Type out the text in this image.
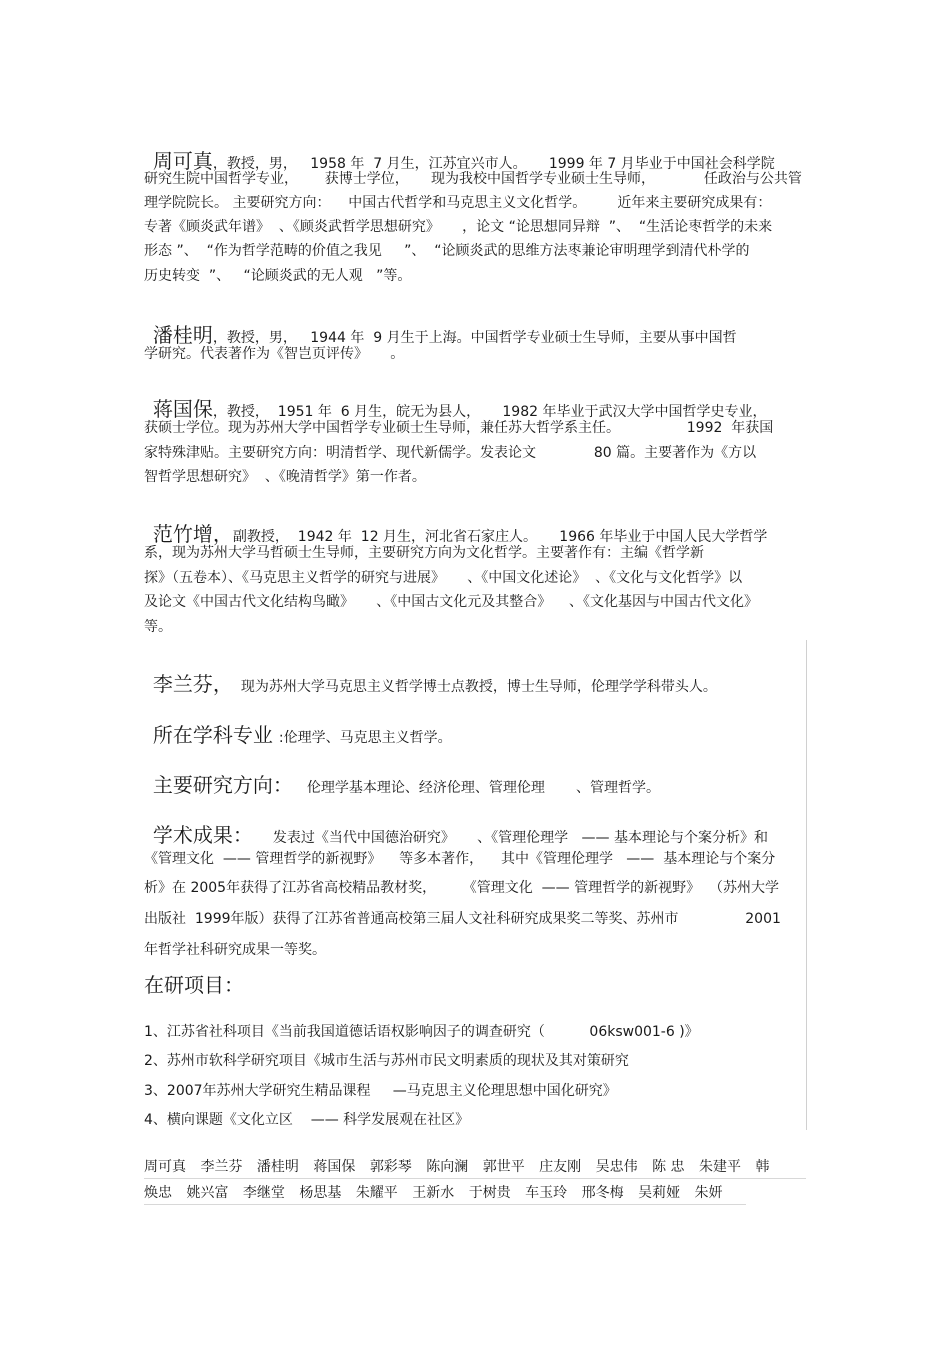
周可真，教授，男，   1958 年  7 月生，江苏宜兴市人。     1999 年 7 月毕业于中国社会科学院

研究生院中国哲学专业，      获博士学位，     现为我校中国哲学专业硕士生导师，           任政治与公共管
理学院院长。 主要研究方向：    中国古代哲学和马克思主义文化哲学。       近年来主要研究成果有：
专著《顾炎武年谱》  、《顾炎武哲学思想研究》     ，论文 “论思想同异辩  ”、  “生活论枣哲学的未来
形态 ”、  “作为哲学范畴的价值之我见     ”、  “论顾炎武的思维方法枣兼论审明理学到清代朴学的
历史转变  ”、   “论顾炎武的无人观   ”等。

潘桂明，教授，男，   1944 年  9 月生于上海。中国哲学专业硕士生导师，主要从事中国哲

学研究。代表著作为《智岂页评传》     。

蒋国保，教授，  1951 年  6 月生，皖无为县人，     1982 年毕业于武汉大学中国哲学史专业，

获硕士学位。现为苏州大学中国哲学专业硕士生导师，兼任苏大哲学系主任。               1992  年获国
家特殊津贴。主要研究方向：明清哲学、现代新儒学。发表论文             80 篇。主要著作为《方以
智哲学思想研究》  、《晚清哲学》第一作者。

范竹增，副教授，  1942 年  12 月生，河北省石家庄人。     1966 年毕业于中国人民大学哲学

系，现为苏州大学马哲硕士生导师，主要研究方向为文化哲学。主要著作有：主编《哲学新
探》（五卷本）、《马克思主义哲学的研究与进展》     、《中国文化述论》  、《文化与文化哲学》以
及论文《中国古代文化结构鸟瞰》     、《中国古文化元及其整合》    、《文化基因与中国古代文化》
等。

李兰芬， 现为苏州大学马克思主义哲学博士点教授，博士生导师，伦理学学科带头人。

所在学科专业 :伦理学、马克思主义哲学。

主要研究方向： 伦理学基本理论、经济伦理、管理伦理       、管理哲学。

学术成果： 发表过《当代中国德治研究》     、《管理伦理学   —— 基本理论与个案分析》和

《管理文化  —— 管理哲学的新视野》    等多本著作，    其中《管理伦理学   ——  基本理论与个案分
析》在 2005年获得了江苏省高校精品教材奖，      《管理文化  —— 管理哲学的新视野》  （苏州大学
出版社  1999年版）获得了江苏省普通高校第三届人文社科研究成果奖二等奖、苏州市               2001
年哲学社科研究成果一等奖。
在研项目：
1、江苏省社科项目《当前我国道德话语权影响因子的调查研究（          06ksw001-6 )》
2、苏州市软科学研究项目《城市生活与苏州市民文明素质的现状及其对策研究
3、2007年苏州大学研究生精品课程     —马克思主义伦理思想中国化研究》
4、横向课题《文化立区    —— 科学发展观在社区》
周可真 李兰芬 潘桂明 蒋国保 郭彩琴 陈向澜 郭世平 庄友刚 吴忠伟 陈 忠 朱建平 韩
焕忠 姚兴富 李继堂 杨思基 朱耀平 王新水 于树贵 车玉玲 邢冬梅 吴莉娅 朱妍
